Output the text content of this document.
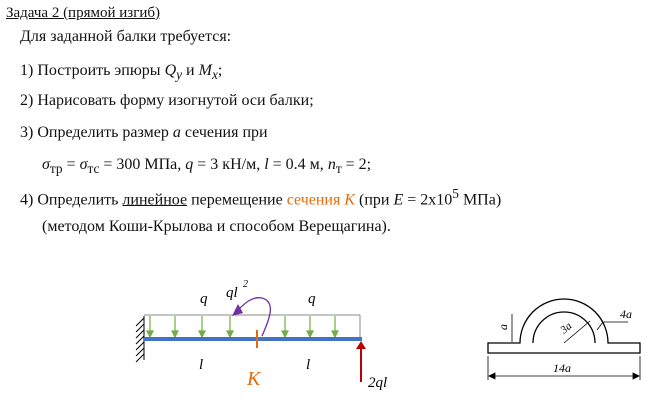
Задача 2 (прямой изгиб)
Для заданной балки требуется:
1) Построить эпюры $Q_y$ и $M_x$;
2) Нарисовать форму изогнутой оси балки;
3) Определить размер a сечения при
$\sigma_{тр} = \sigma_{тс} = 300$ МПа, q = 3 кН/м, l = 0.4 м, $n_т = 2$;
4) Определить линейное перемещение сечения K (при $E = 2x10^5$ МПа)
(методом Коши-Крылова и способом Верещагина).
q	q
ql
2
l	l
K	2ql
a	3a
4a
14a
